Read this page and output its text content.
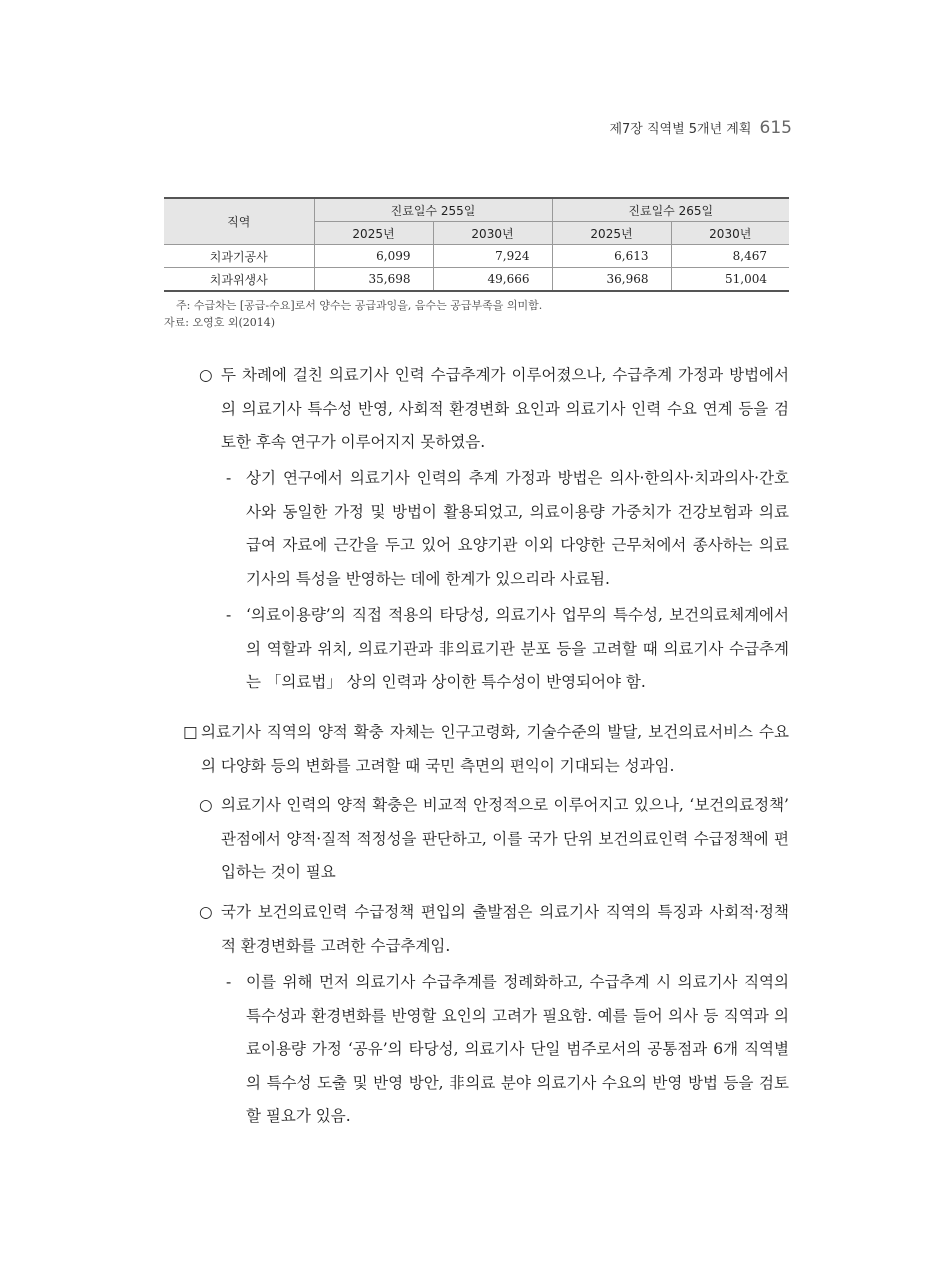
제7장 직역별 5개년 계획 615
직역	진료일수 255일		진료일수 265일	
	2025년	2030년	2025년	2030년
치과기공사	6,099	7,924	6,613	8,467
치과위생사	35,698	49,666	36,968	51,004
주: 수급차는 [공급-수요]로서 양수는 공급과잉을, 음수는 공급부족을 의미함.
자료: 오영호 외(2014)
○ 두 차례에 걸친 의료기사 인력 수급추계가 이루어졌으나, 수급추계 가정과 방법에서의 의료기사 특수성 반영, 사회적 환경변화 요인과 의료기사 인력 수요 연계 등을 검토한 후속 연구가 이루어지지 못하였음.
- 상기 연구에서 의료기사 인력의 추계 가정과 방법은 의사·한의사·치과의사·간호사와 동일한 가정 및 방법이 활용되었고, 의료이용량 가중치가 건강보험과 의료급여 자료에 근간을 두고 있어 요양기관 이외 다양한 근무처에서 종사하는 의료기사의 특성을 반영하는 데에 한계가 있으리라 사료됨.
- ‘의료이용량’의 직접 적용의 타당성, 의료기사 업무의 특수성, 보건의료체계에서의 역할과 위치, 의료기관과 非의료기관 분포 등을 고려할 때 의료기사 수급추계는 「의료법」 상의 인력과 상이한 특수성이 반영되어야 함.
□ 의료기사 직역의 양적 확충 자체는 인구고령화, 기술수준의 발달, 보건의료서비스 수요의 다양화 등의 변화를 고려할 때 국민 측면의 편익이 기대되는 성과임.
○ 의료기사 인력의 양적 확충은 비교적 안정적으로 이루어지고 있으나, ‘보건의료정책’ 관점에서 양적·질적 적정성을 판단하고, 이를 국가 단위 보건의료인력 수급정책에 편입하는 것이 필요
○ 국가 보건의료인력 수급정책 편입의 출발점은 의료기사 직역의 특징과 사회적·정책적 환경변화를 고려한 수급추계임.
- 이를 위해 먼저 의료기사 수급추계를 정례화하고, 수급추계 시 의료기사 직역의 특수성과 환경변화를 반영할 요인의 고려가 필요함. 예를 들어 의사 등 직역과 의료이용량 가정 ‘공유’의 타당성, 의료기사 단일 범주로서의 공통점과 6개 직역별의 특수성 도출 및 반영 방안, 非의료 분야 의료기사 수요의 반영 방법 등을 검토할 필요가 있음.
